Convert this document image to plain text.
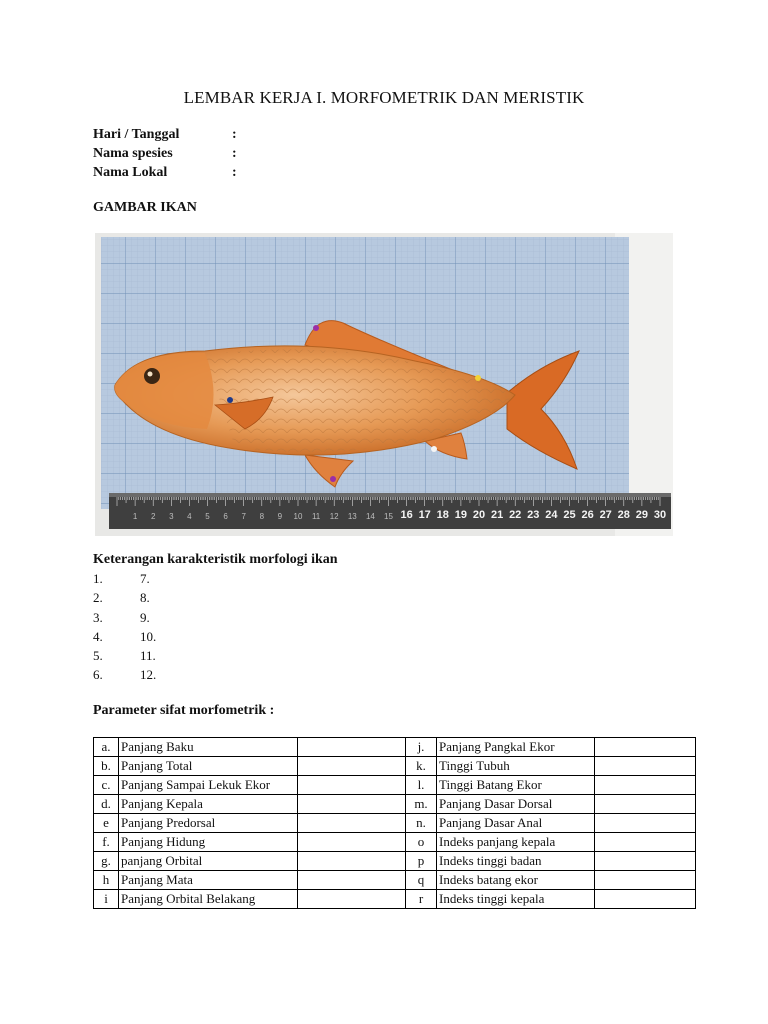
LEMBAR KERJA I. MORFOMETRIK DAN MERISTIK
Hari / Tanggal	:
Nama spesies	:
Nama Lokal	:
GAMBAR IKAN
1 2 3 4 5 6 7 8 9 10 11 12 13 14 15 16 17 18 19 20 21 22 23 24 25 26 27 28 29 30
Keterangan karakteristik morfologi ikan
1.	7.
2.	8.
3.	9.
4.	10.
5.	11.
6.	12.
Parameter sifat morfometrik :
a.	Panjang Baku		j.	Panjang Pangkal Ekor	
b.	Panjang Total		k.	Tinggi Tubuh	
c.	Panjang Sampai Lekuk Ekor		l.	Tinggi Batang Ekor	
d.	Panjang Kepala		m.	Panjang Dasar Dorsal	
e	Panjang Predorsal		n.	Panjang Dasar Anal	
f.	Panjang Hidung		o	Indeks panjang kepala	
g.	panjang Orbital		p	Indeks tinggi badan	
h	Panjang Mata		q	Indeks batang ekor	
i	Panjang Orbital Belakang		r	Indeks tinggi kepala	
